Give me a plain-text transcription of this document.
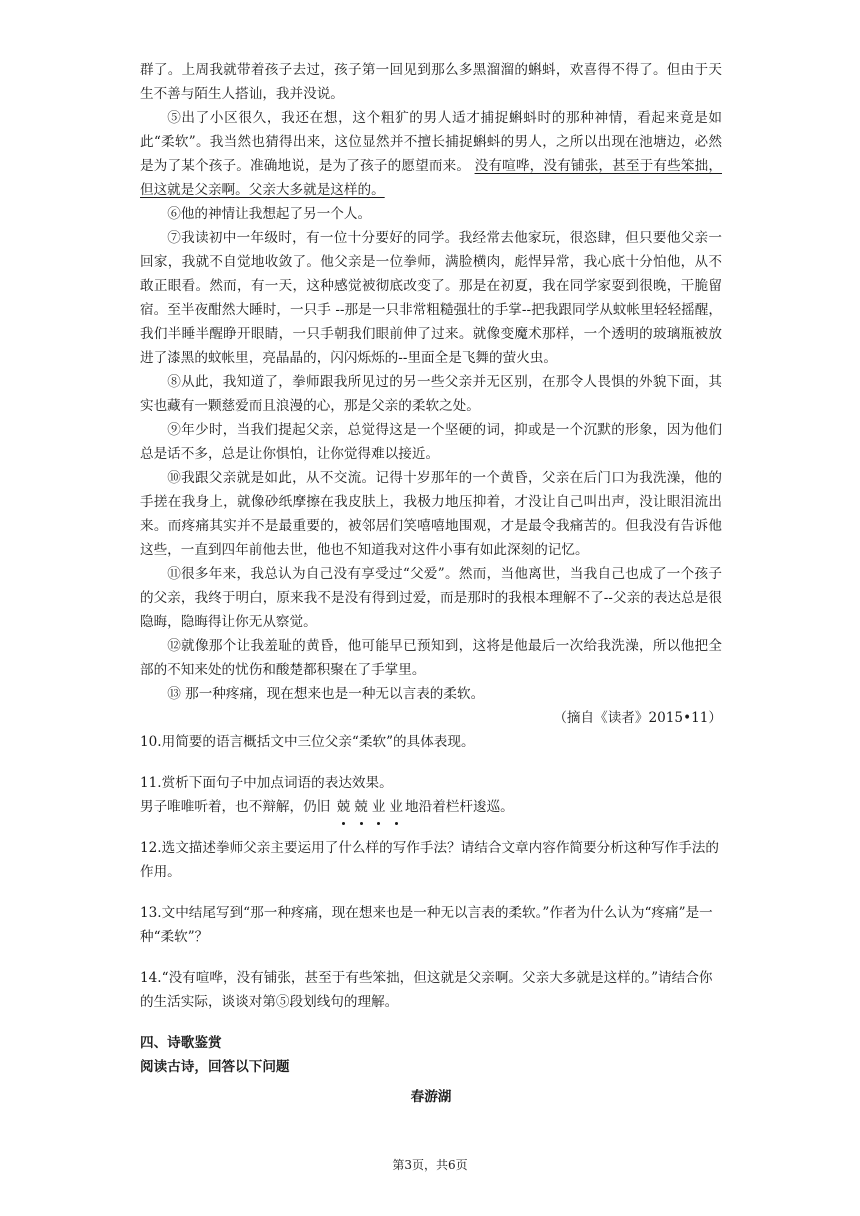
群了。上周我就带着孩子去过，孩子第一回见到那么多黑溜溜的蝌蚪，欢喜得不得了。但由于天生不善与陌生人搭讪，我并没说。

⑤出了小区很久，我还在想，这个粗犷的男人适才捕捉蝌蚪时的那种神情，看起来竟是如此“柔软”。我当然也猜得出来，这位显然并不擅长捕捉蝌蚪的男人，之所以出现在池塘边，必然是为了某个孩子。准确地说，是为了孩子的愿望而来。 没有喧哗，没有铺张，甚至于有些笨拙，但这就是父亲啊。父亲大多就是这样的。

⑥他的神情让我想起了另一个人。

⑦我读初中一年级时，有一位十分要好的同学。我经常去他家玩，很恣肆，但只要他父亲一回家，我就不自觉地收敛了。他父亲是一位拳师，满脸横肉，彪悍异常，我心底十分怕他，从不敢正眼看。然而，有一天，这种感觉被彻底改变了。那是在初夏，我在同学家耍到很晚，干脆留宿。至半夜酣然大睡时，一只手 --那是一只非常粗糙强壮的手掌--把我跟同学从蚊帐里轻轻摇醒，我们半睡半醒睁开眼睛，一只手朝我们眼前伸了过来。就像变魔术那样，一个透明的玻璃瓶被放进了漆黑的蚊帐里，亮晶晶的，闪闪烁烁的--里面全是飞舞的萤火虫。

⑧从此，我知道了，拳师跟我所见过的另一些父亲并无区别，在那令人畏惧的外貌下面，其实也藏有一颗慈爱而且浪漫的心，那是父亲的柔软之处。

⑨年少时，当我们提起父亲，总觉得这是一个坚硬的词，抑或是一个沉默的形象，因为他们总是话不多，总是让你惧怕，让你觉得难以接近。

⑩我跟父亲就是如此，从不交流。记得十岁那年的一个黄昏，父亲在后门口为我洗澡，他的手搓在我身上，就像砂纸摩擦在我皮肤上，我极力地压抑着，才没让自己叫出声，没让眼泪流出来。而疼痛其实并不是最重要的，被邻居们笑嘻嘻地围观，才是最令我痛苦的。但我没有告诉他这些，一直到四年前他去世，他也不知道我对这件小事有如此深刻的记忆。

⑪很多年来，我总认为自己没有享受过“父爱”。然而，当他离世，当我自己也成了一个孩子的父亲，我终于明白，原来我不是没有得到过爱，而是那时的我根本理解不了--父亲的表达总是很隐晦，隐晦得让你无从察觉。

⑫就像那个让我羞耻的黄昏，他可能早已预知到，这将是他最后一次给我洗澡，所以他把全部的不知来处的忧伤和酸楚都积聚在了手掌里。

⑬ 那一种疼痛，现在想来也是一种无以言表的柔软。

（摘自《读者》2015•11）

10.用简要的语言概括文中三位父亲“柔软”的具体表现。

11.赏析下面句子中加点词语的表达效果。

男子唯唯听着，也不辩解，仍旧 兢 兢 业 业 地沿着栏杆逡巡。

12.选文描述拳师父亲主要运用了什么样的写作手法？请结合文章内容作简要分析这种写作手法的作用。

13.文中结尾写到“那一种疼痛，现在想来也是一种无以言表的柔软。”作者为什么认为“疼痛”是一种“柔软”？

14.“没有喧哗，没有铺张，甚至于有些笨拙，但这就是父亲啊。父亲大多就是这样的。”请结合你的生活实际，谈谈对第⑤段划线句的理解。

四、诗歌鉴赏

阅读古诗，回答以下问题

春游湖

第3页，共6页
